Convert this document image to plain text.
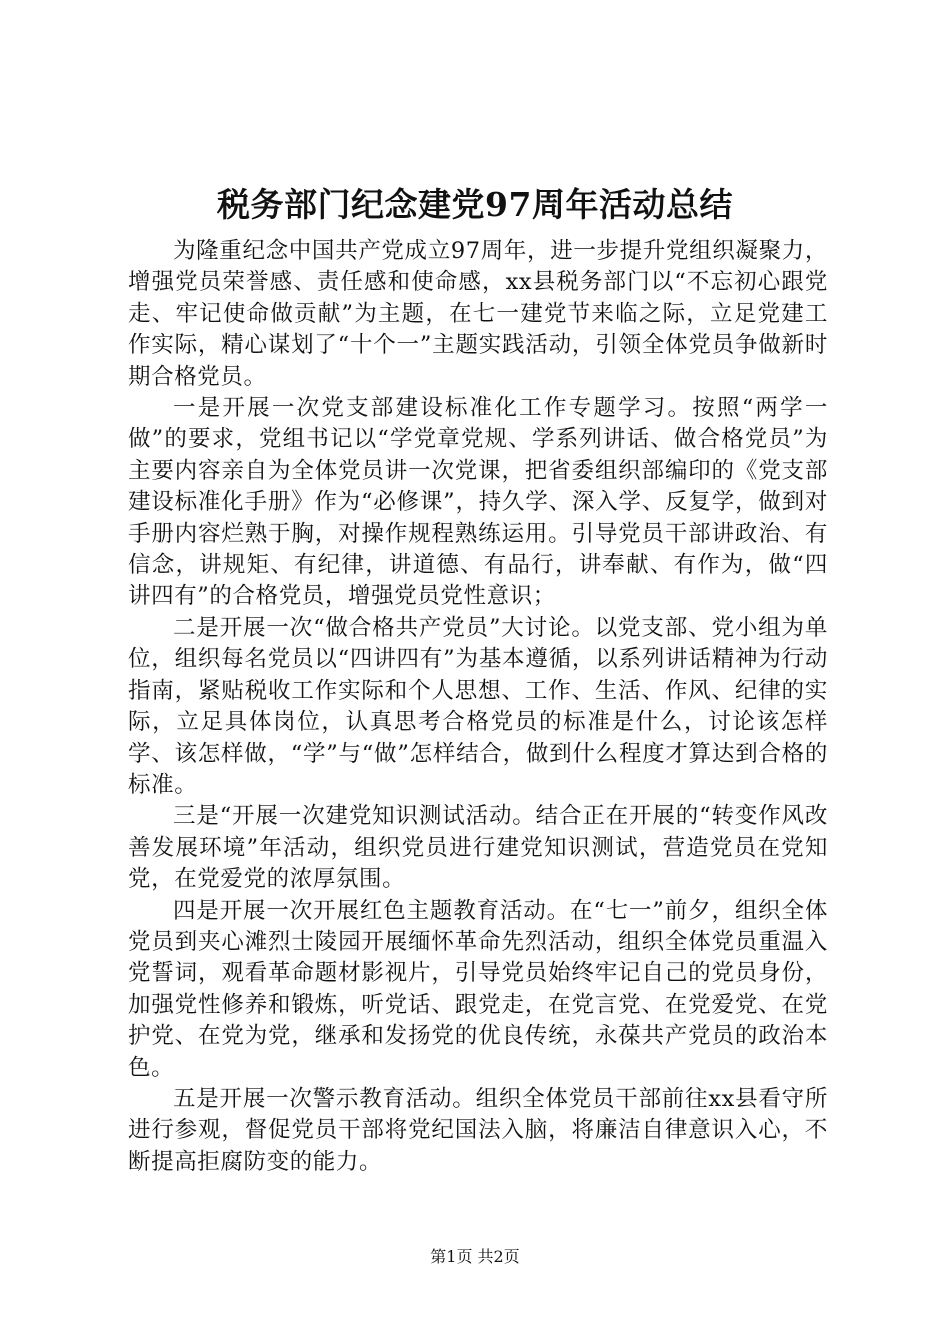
税务部门纪念建党97周年活动总结

为隆重纪念中国共产党成立97周年，进一步提升党组织凝聚力，增强党员荣誉感、责任感和使命感，xx县税务部门以“不忘初心跟党走、牢记使命做贡献”为主题，在七一建党节来临之际，立足党建工作实际，精心谋划了“十个一”主题实践活动，引领全体党员争做新时期合格党员。

一是开展一次党支部建设标准化工作专题学习。按照“两学一做”的要求，党组书记以“学党章党规、学系列讲话、做合格党员”为主要内容亲自为全体党员讲一次党课，把省委组织部编印的《党支部建设标准化手册》作为“必修课”，持久学、深入学、反复学，做到对手册内容烂熟于胸，对操作规程熟练运用。引导党员干部讲政治、有信念，讲规矩、有纪律，讲道德、有品行，讲奉献、有作为，做“四讲四有”的合格党员，增强党员党性意识；

二是开展一次“做合格共产党员”大讨论。以党支部、党小组为单位，组织每名党员以“四讲四有”为基本遵循，以系列讲话精神为行动指南，紧贴税收工作实际和个人思想、工作、生活、作风、纪律的实际，立足具体岗位，认真思考合格党员的标准是什么，讨论该怎样学、该怎样做，“学”与“做”怎样结合，做到什么程度才算达到合格的标准。

三是“开展一次建党知识测试活动。结合正在开展的“转变作风改善发展环境”年活动，组织党员进行建党知识测试，营造党员在党知党，在党爱党的浓厚氛围。

四是开展一次开展红色主题教育活动。在“七一”前夕，组织全体党员到夹心滩烈士陵园开展缅怀革命先烈活动，组织全体党员重温入党誓词，观看革命题材影视片，引导党员始终牢记自己的党员身份，加强党性修养和锻炼，听党话、跟党走，在党言党、在党爱党、在党护党、在党为党，继承和发扬党的优良传统，永葆共产党员的政治本色。

五是开展一次警示教育活动。组织全体党员干部前往xx县看守所进行参观，督促党员干部将党纪国法入脑，将廉洁自律意识入心，不断提高拒腐防变的能力。

第1页 共2页
